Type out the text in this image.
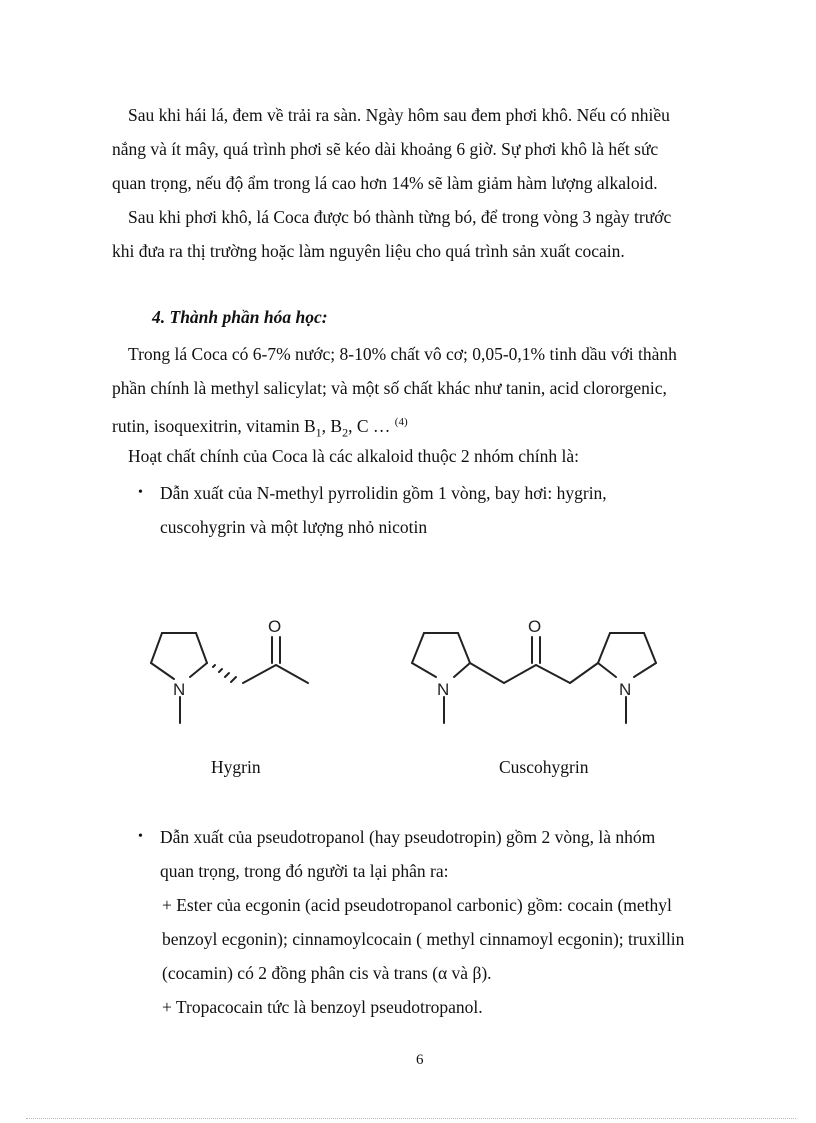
Sau khi hái lá, đem về trải ra sàn. Ngày hôm sau đem phơi khô. Nếu có nhiều

nắng và ít mây, quá trình phơi sẽ kéo dài khoảng 6 giờ. Sự phơi khô là hết sức

quan trọng, nếu độ ẩm trong lá cao hơn 14% sẽ làm giảm hàm lượng alkaloid.

Sau khi phơi khô, lá Coca được bó thành từng bó, để trong vòng 3 ngày trước

khi đưa ra thị trường hoặc làm nguyên liệu cho quá trình sản xuất cocain.

4. Thành phần hóa học:

Trong lá Coca có 6-7% nước; 8-10% chất vô cơ; 0,05-0,1% tinh dầu với thành

phần chính là methyl salicylat; và một số chất khác như tanin, acid clororgenic,

rutin, isoquexitrin, vitamin $B_1$, $B_2$, C … $^{(4)}$

Hoạt chất chính của Coca là các alkaloid thuộc 2 nhóm chính là:

• Dẫn xuất của N-methyl pyrrolidin gồm 1 vòng, bay hơi: hygrin,
cuscohygrin và một lượng nhỏ nicotin
N
O
N
O
N
Hygrin	Cuscohygrin
• Dẫn xuất của pseudotropanol (hay pseudotropin) gồm 2 vòng, là nhóm
quan trọng, trong đó người ta lại phân ra:
+ Ester của ecgonin (acid pseudotropanol carbonic) gồm: cocain (methyl
benzoyl ecgonin); cinnamoylcocain ( methyl cinnamoyl ecgonin); truxillin
(cocamin) có 2 đồng phân cis và trans (α và β).
+ Tropacocain tức là benzoyl pseudotropanol.
6
